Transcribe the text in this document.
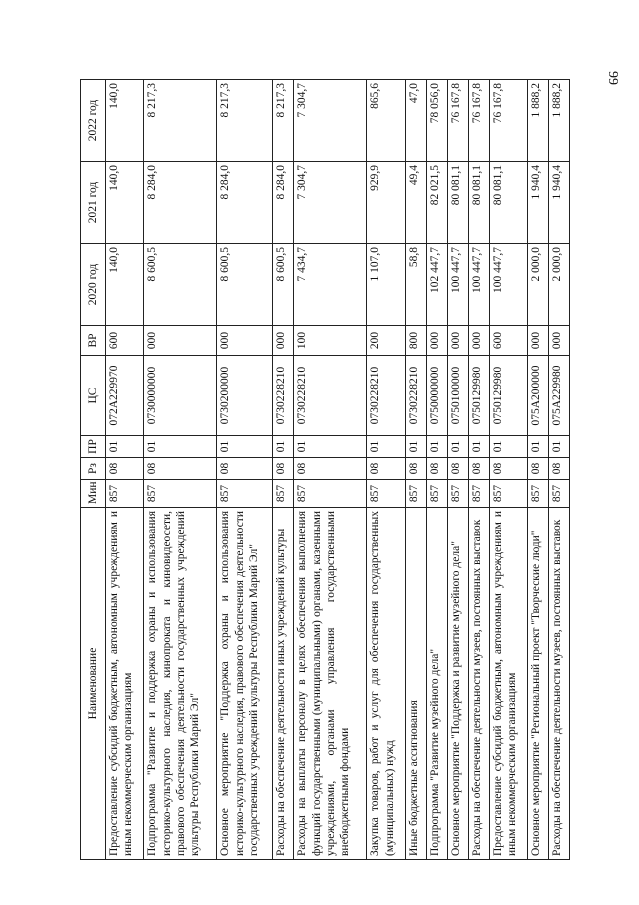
99
Наименование	Мин	Рз	ПР	ЦС	ВР	2020 год	2021 год	2022 год
Предоставление субсидий бюджетным, автономным учреждениям и иным некоммерческим организациям	857	08	01	072А229970	600	140,0	140,0	140,0
Подпрограмма "Развитие и поддержка охраны и использования историко-культурного наследия, кинопроката и киновидеосети, правового обеспечения деятельности государственных учреждений культуры Республики Марий Эл"	857	08	01	0730000000	000	8 600,5	8 284,0	8 217,3
Основное мероприятие "Поддержка охраны и использования историко-культурного наследия, правового обеспечения деятельности государственных учреждений культуры Республики Марий Эл"	857	08	01	0730200000	000	8 600,5	8 284,0	8 217,3
Расходы на обеспечение деятельности иных учреждений культуры	857	08	01	0730228210	000	8 600,5	8 284,0	8 217,3
Расходы на выплаты персоналу в целях обеспечения выполнения функций государственными (муниципальными) органами, казенными учреждениями, органами управления государственными внебюджетными фондами	857	08	01	0730228210	100	7 434,7	7 304,7	7 304,7
Закупка товаров, работ и услуг для обеспечения государственных (муниципальных) нужд	857	08	01	0730228210	200	1 107,0	929,9	865,6
Иные бюджетные ассигнования	857	08	01	0730228210	800	58,8	49,4	47,0
Подпрограмма "Развитие музейного дела"	857	08	01	0750000000	000	102 447,7	82 021,5	78 056,0
Основное мероприятие "Поддержка и развитие музейного дела"	857	08	01	0750100000	000	100 447,7	80 081,1	76 167,8
Расходы на обеспечение деятельности музеев, постоянных выставок	857	08	01	0750129980	000	100 447,7	80 081,1	76 167,8
Предоставление субсидий бюджетным, автономным учреждениям и иным некоммерческим организациям	857	08	01	0750129980	600	100 447,7	80 081,1	76 167,8
Основное мероприятие "Региональный проект "Творческие люди"	857	08	01	075А200000	000	2 000,0	1 940,4	1 888,2
Расходы на обеспечение деятельности музеев, постоянных выставок	857	08	01	075А229980	000	2 000,0	1 940,4	1 888,2
